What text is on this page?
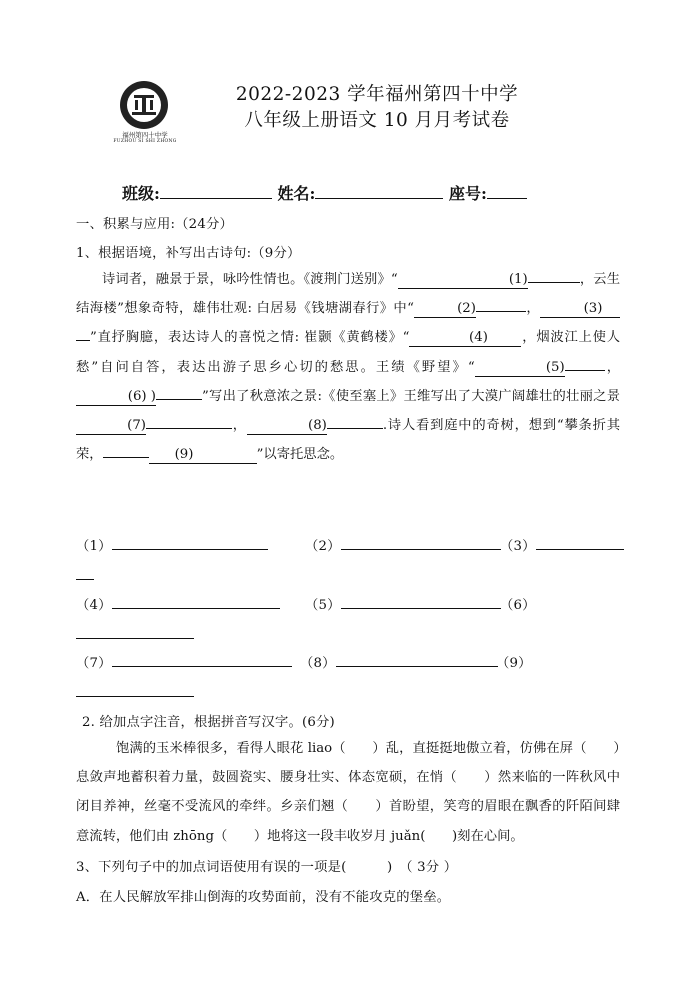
福州第四十中学
FUZHOU SI SHI ZHONG
2022-2023 学年福州第四十中学
八年级上册语文 10 月月考试卷
班级:	姓名:	座号:
一、积累与应用:（24分）
1、根据语境，补写出古诗句:（9分）
诗词者，融景于景，咏吟性情也。《渡荆门送别》“	(1)	，云生结海楼”想象奇特，雄伟壮观: 白居易《钱塘湖春行》中“	(2)	，	(3)”直抒胸臆，表达诗人的喜悦之情: 崔颢《黄鹤楼》“	(4)	，烟波江上使人愁”自问自答，表达出游子思乡心切的愁思。王绩《野望》“	(5)	，(6) )	”写出了秋意浓之景:《使至塞上》王维写出了大漠广阔雄壮的壮丽之景(7)	，	(8)	.诗人看到庭中的奇树，想到“攀条折其荣，	(9)	”以寄托思念。
（1）	（2）	（3）
（4）	（5）	（6）
（7）	（8）	（9）
2. 给加点字注音，根据拼音写汉字。(6分)
饱满的玉米棒很多，看得人眼花 liao（　　）乱，直挺挺地傲立着，仿佛在屏（　　）息敛声地蓄积着力量，鼓圆瓷实、腰身壮实、体态宽硕，在悄（　　）然来临的一阵秋风中闭目养神，丝毫不受流风的牵绊。乡亲们翘（　　）首盼望，笑弯的眉眼在飘香的阡陌间肆意流转，他们由 zhōng（　　）地将这一段丰收岁月 juǎn(　　)刻在心间。
3、下列句子中的加点词语使用有误的一项是(　　　)　（ 3分 ）
A．在人民解放军排山倒海的攻势面前，没有不能攻克的堡垒。
